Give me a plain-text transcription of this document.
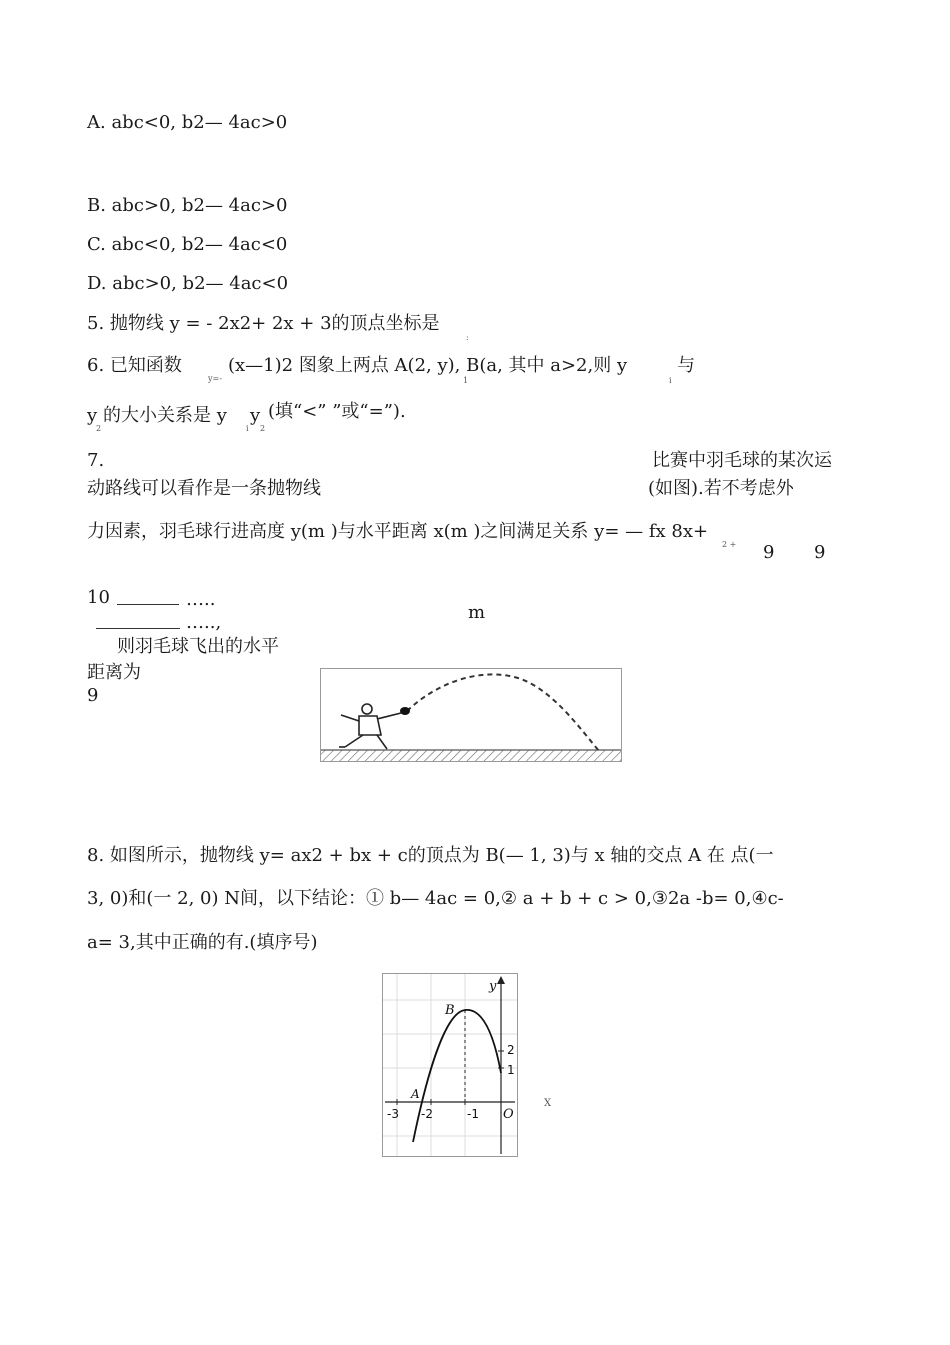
A. abc<0, b2— 4ac>0
B. abc>0, b2— 4ac>0
C. abc<0, b2— 4ac<0
D. abc>0, b2— 4ac<0
5. 抛物线 y = - 2x2+ 2x + 3的顶点坐标是
:
6. 已知函数
y=-
(x—1)2 图象上两点 A(2, y), B(a, 其中 a>2,则 y
1	i
与
y
2
的大小关系是 y
i
y
2
(填“<” ”或“=”).
7.	比赛中羽毛球的某次运
动路线可以看作是一条抛物线	(如图).若不考虑外
力因素，羽毛球行进高度 y(m )与水平距离 x(m )之间满足关系 y= — fx 8x+
2 + 9 9
10	…..
m
…..,
则羽毛球飞出的水平
距离为
9
8. 如图所示，抛物线 y= ax2 + bx + c的顶点为 B(— 1, 3)与 x 轴的交点 A 在 点(一
3, 0)和(一 2, 0) N间，以下结论：① b— 4ac = 0,② a + b + c > 0,③2a -b= 0,④c-
a= 3,其中正确的有.(填序号)
y
B
A
O
-3 -2	-1
2
1
X
